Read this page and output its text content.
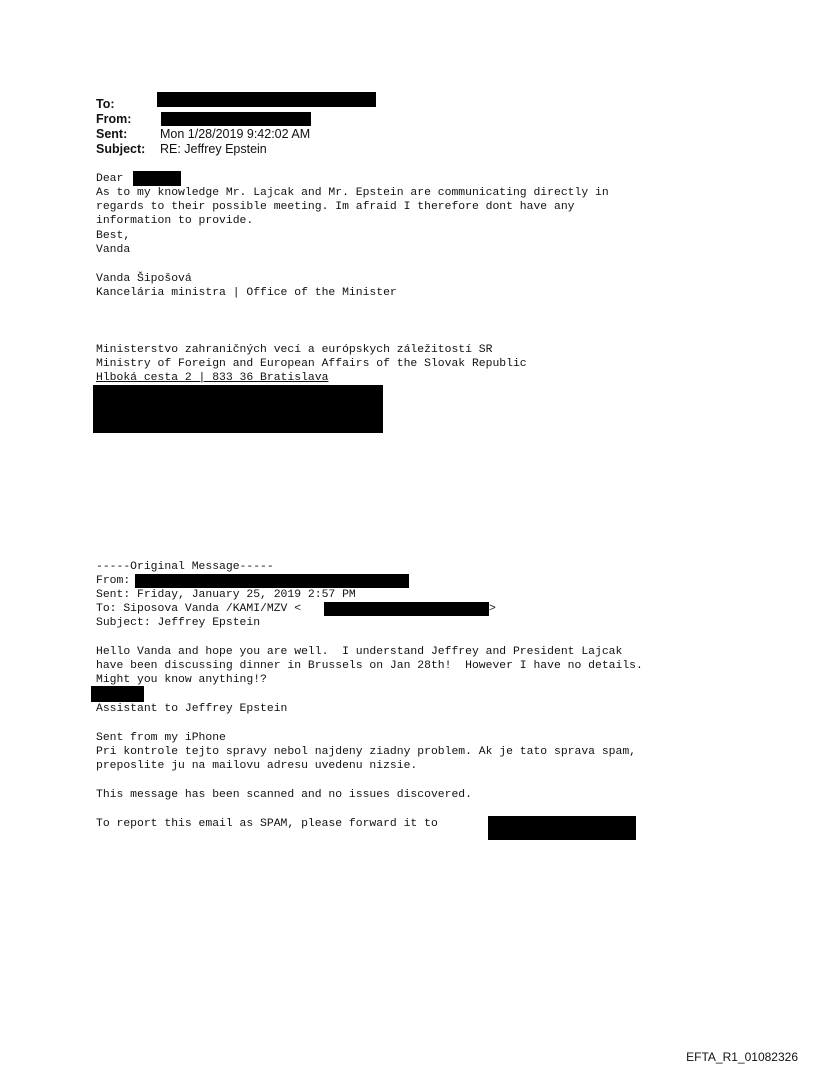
To:
From:
Sent:	Mon 1/28/2019 9:42:02 AM
Subject: RE: Jeffrey Epstein
Dear
As to my knowledge Mr. Lajcak and Mr. Epstein are communicating directly in
regards to their possible meeting. Im afraid I therefore dont have any
information to provide.
Best,
Vanda
Vanda Šipošová
Kancelária ministra | Office of the Minister
Ministerstvo zahraničných vecí a európskych záležitostí SR
Ministry of Foreign and European Affairs of the Slovak Republic
Hlboká cesta 2 | 833 36 Bratislava
-----Original Message-----
From:
Sent: Friday, January 25, 2019 2:57 PM
To: Siposova Vanda /KAMI/MZV <	>
Subject: Jeffrey Epstein
Hello Vanda and hope you are well.  I understand Jeffrey and President Lajcak
have been discussing dinner in Brussels on Jan 28th!  However I have no details.
Might you know anything!?
Assistant to Jeffrey Epstein
Sent from my iPhone
Pri kontrole tejto spravy nebol najdeny ziadny problem. Ak je tato sprava spam,
preposlite ju na mailovu adresu uvedenu nizsie.
This message has been scanned and no issues discovered.
To report this email as SPAM, please forward it to
EFTA_R1_01082326
